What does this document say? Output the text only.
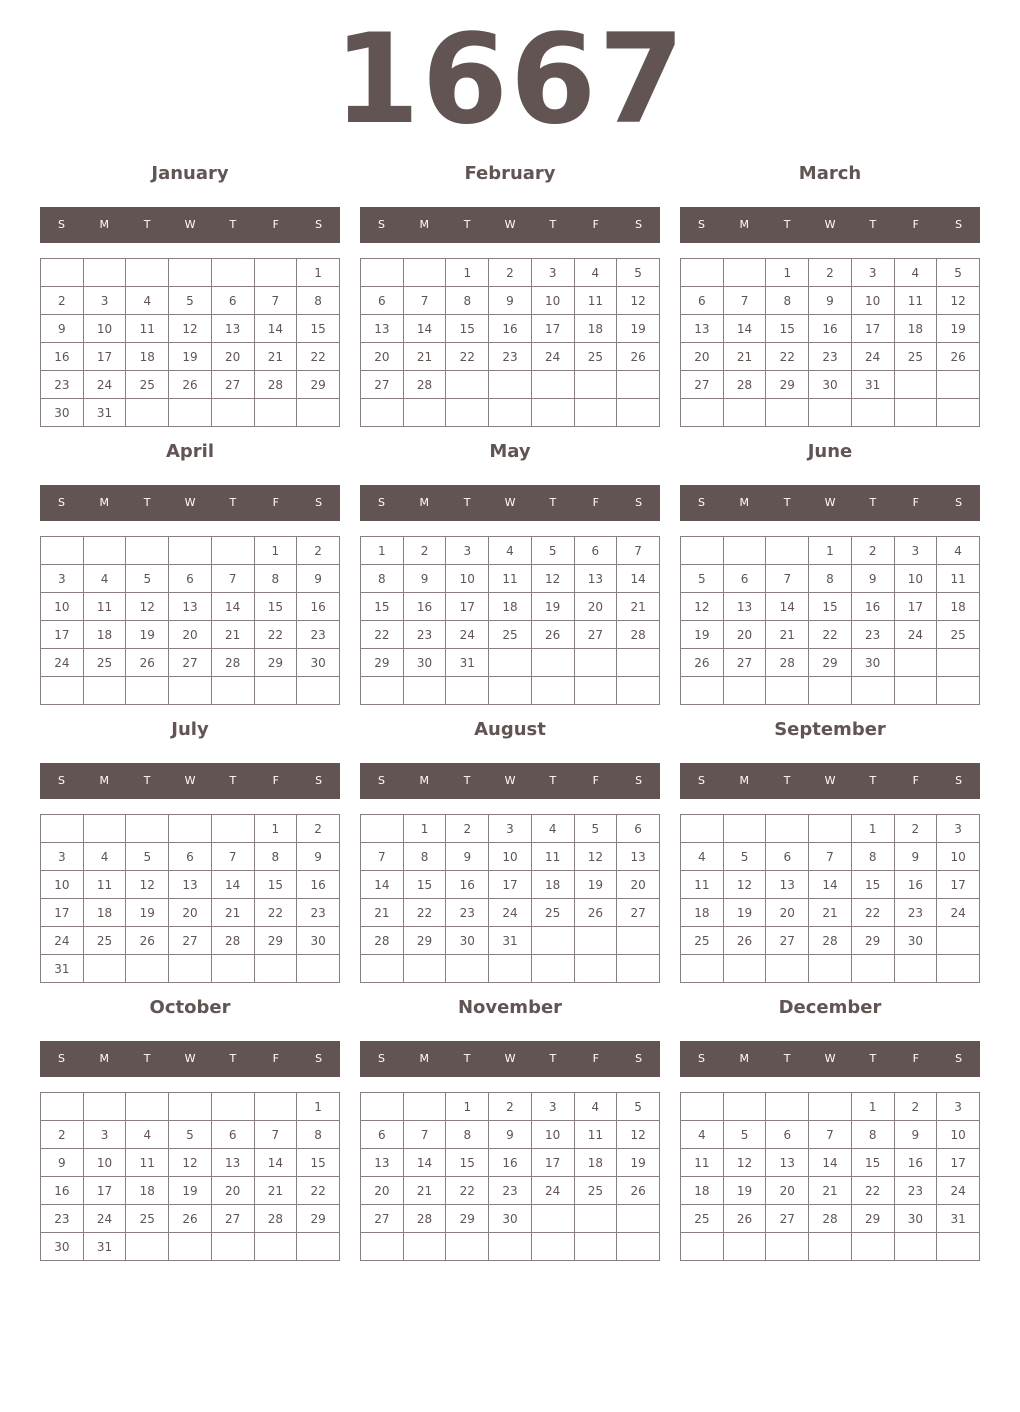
1667
January
S	M	T	W	T	F	S
						1
2	3	4	5	6	7	8
9	10	11	12	13	14	15
16	17	18	19	20	21	22
23	24	25	26	27	28	29
30	31					
February
S	M	T	W	T	F	S
		1	2	3	4	5
6	7	8	9	10	11	12
13	14	15	16	17	18	19
20	21	22	23	24	25	26
27	28					

March
S	M	T	W	T	F	S
		1	2	3	4	5
6	7	8	9	10	11	12
13	14	15	16	17	18	19
20	21	22	23	24	25	26
27	28	29	30	31		

April
S	M	T	W	T	F	S
					1	2
3	4	5	6	7	8	9
10	11	12	13	14	15	16
17	18	19	20	21	22	23
24	25	26	27	28	29	30

May
S	M	T	W	T	F	S
1	2	3	4	5	6	7
8	9	10	11	12	13	14
15	16	17	18	19	20	21
22	23	24	25	26	27	28
29	30	31				

June
S	M	T	W	T	F	S
			1	2	3	4
5	6	7	8	9	10	11
12	13	14	15	16	17	18
19	20	21	22	23	24	25
26	27	28	29	30		

July
S	M	T	W	T	F	S
					1	2
3	4	5	6	7	8	9
10	11	12	13	14	15	16
17	18	19	20	21	22	23
24	25	26	27	28	29	30
31						
August
S	M	T	W	T	F	S
	1	2	3	4	5	6
7	8	9	10	11	12	13
14	15	16	17	18	19	20
21	22	23	24	25	26	27
28	29	30	31			

September
S	M	T	W	T	F	S
				1	2	3
4	5	6	7	8	9	10
11	12	13	14	15	16	17
18	19	20	21	22	23	24
25	26	27	28	29	30	

October
S	M	T	W	T	F	S
						1
2	3	4	5	6	7	8
9	10	11	12	13	14	15
16	17	18	19	20	21	22
23	24	25	26	27	28	29
30	31					
November
S	M	T	W	T	F	S
		1	2	3	4	5
6	7	8	9	10	11	12
13	14	15	16	17	18	19
20	21	22	23	24	25	26
27	28	29	30			

December
S	M	T	W	T	F	S
				1	2	3
4	5	6	7	8	9	10
11	12	13	14	15	16	17
18	19	20	21	22	23	24
25	26	27	28	29	30	31
